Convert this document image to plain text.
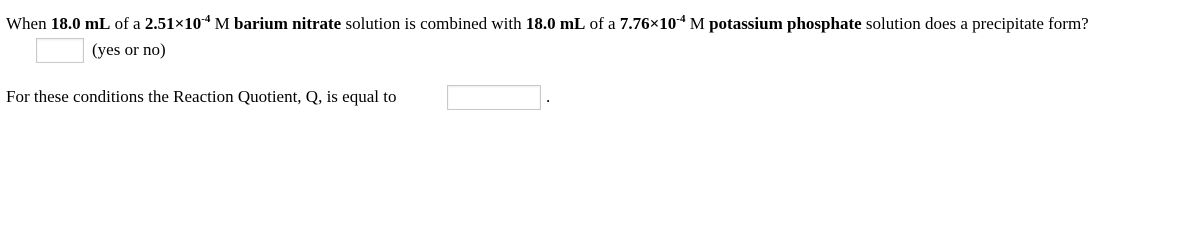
When 18.0 mL of a $2.51\times 10^{-4}$ M barium nitrate solution is combined with 18.0 mL of a $7.76\times 10^{-4}$ M potassium phosphate solution does a precipitate form?
(yes or no)
For these conditions the Reaction Quotient, Q, is equal to	.
